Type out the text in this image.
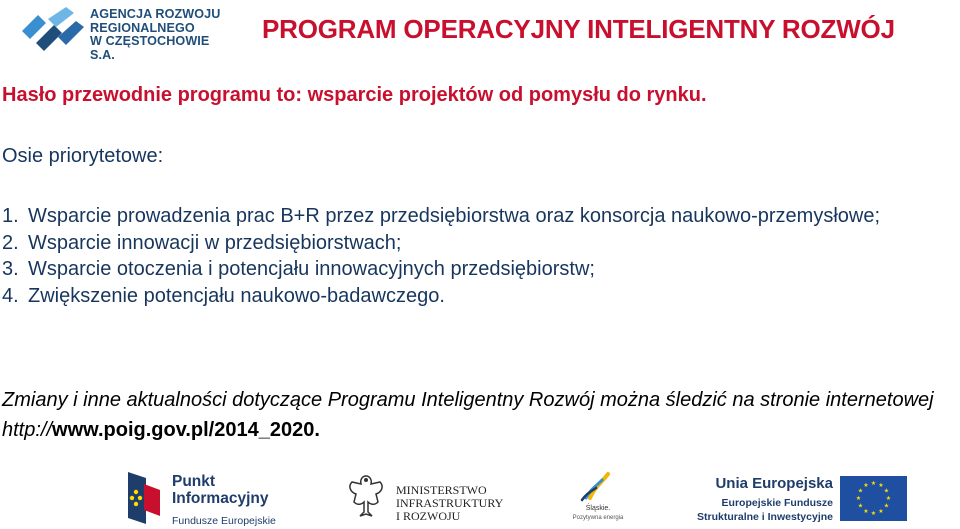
AGENCJA ROZWOJU
REGIONALNEGO
W CZĘSTOCHOWIE S.A.
PROGRAM OPERACYJNY INTELIGENTNY ROZWÓJ
Hasło przewodnie programu to: wsparcie projektów od pomysłu do rynku.
Osie priorytetowe:
1. Wsparcie prowadzenia prac B+R przez przedsiębiorstwa oraz konsorcja naukowo-przemysłowe;
2. Wsparcie innowacji w przedsiębiorstwach;
3. Wsparcie otoczenia i potencjału innowacyjnych przedsiębiorstw;
4. Zwiększenie potencjału naukowo-badawczego.
Zmiany i inne aktualności dotyczące Programu Inteligentny Rozwój można śledzić na stronie internetowej http://www.poig.gov.pl/2014_2020.
Punkt
Informacyjny
Fundusze Europejskie
MINISTERSTWO
INFRASTRUKTURY
I ROZWOJU
Śląskie.
Pozytywna energia
Unia Europejska
Europejskie Fundusze
Strukturalne i Inwestycyjne
★ ★
★
★
★
★
★
★
★
★
★
★
